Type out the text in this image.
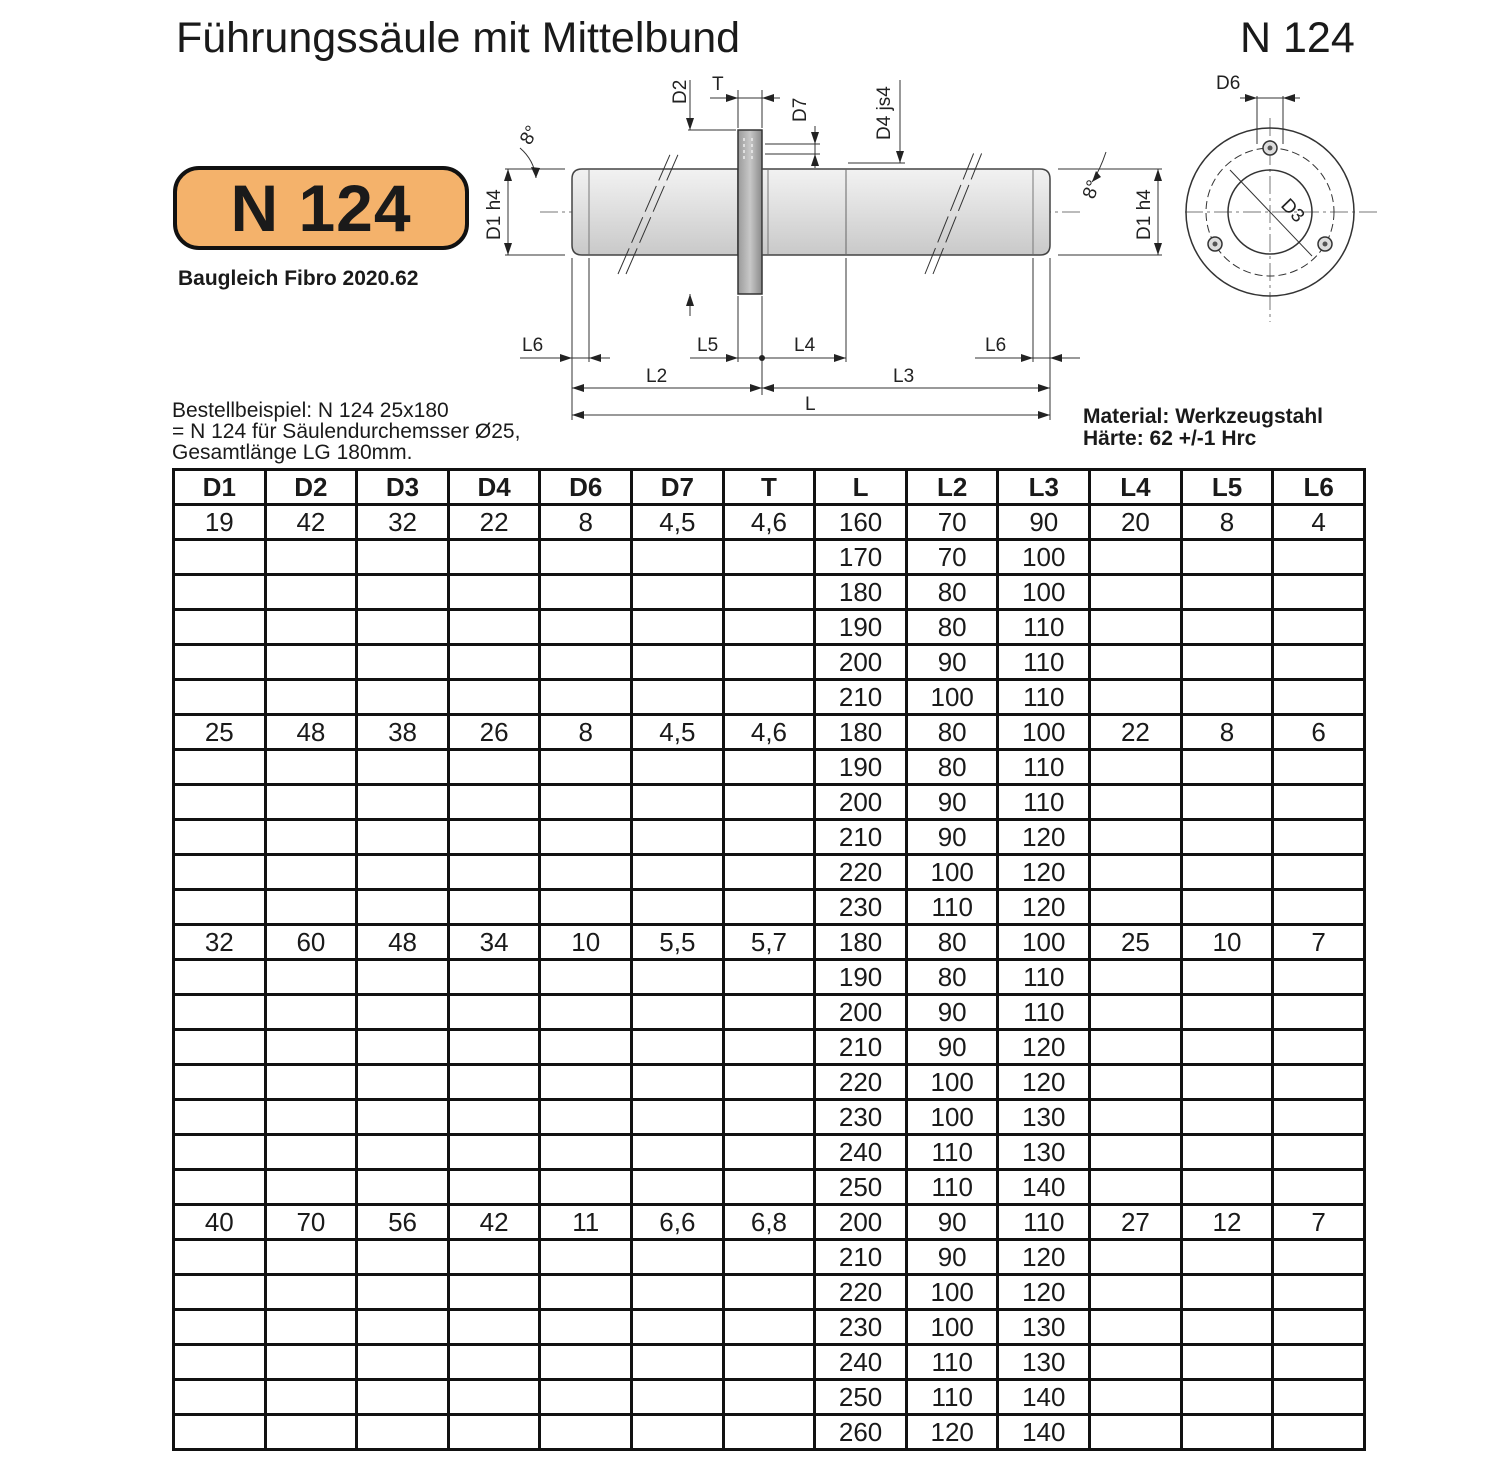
Führungssäule mit Mittelbund	N 124
N 124
Baugleich Fibro 2020.62
D2 T
D7	D4 js4
8°
8°
D1 h4	D1 h4
L6	L5	L4	L6
L2	L3
L
D6
D3
Bestellbeispiel: N 124 25x180
= N 124 für Säulendurchemsser Ø25,
Gesamtlänge LG 180mm.
Material: Werkzeugstahl
Härte: 62 +/-1 Hrc
D1	D2	D3	D4	D6	D7	T	L	L2	L3	L4	L5	L6
19	42	32	22	8	4,5	4,6	160	70	90	20	8	4
							170	70	100			
							180	80	100			
							190	80	110			
							200	90	110			
							210	100	110			
25	48	38	26	8	4,5	4,6	180	80	100	22	8	6
							190	80	110			
							200	90	110			
							210	90	120			
							220	100	120			
							230	110	120			
32	60	48	34	10	5,5	5,7	180	80	100	25	10	7
							190	80	110			
							200	90	110			
							210	90	120			
							220	100	120			
							230	100	130			
							240	110	130			
							250	110	140			
40	70	56	42	11	6,6	6,8	200	90	110	27	12	7
							210	90	120			
							220	100	120			
							230	100	130			
							240	110	130			
							250	110	140			
							260	120	140			
